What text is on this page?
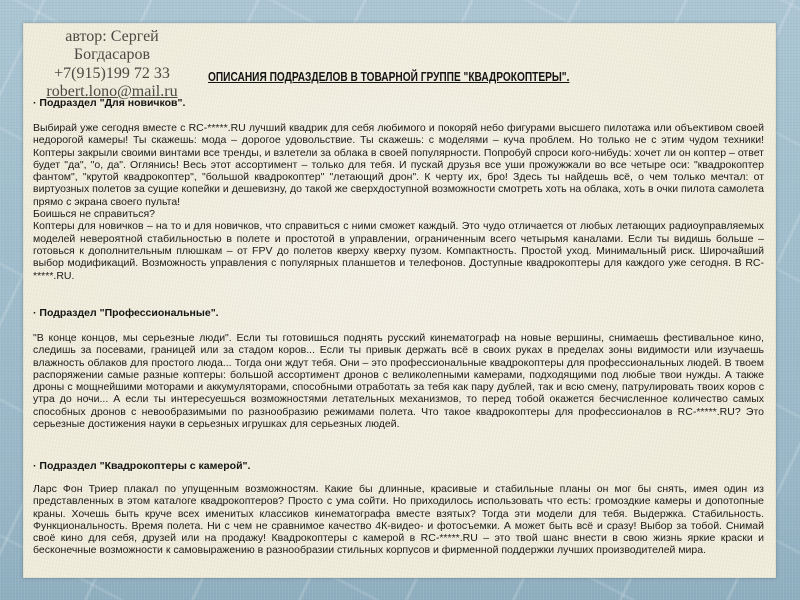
автор: Сергей Богдасаров
+7(915)199 72 33
robert.lono@mail.ru
ОПИСАНИЯ ПОДРАЗДЕЛОВ В ТОВАРНОЙ ГРУППЕ "КВАДРОКОПТЕРЫ".
· Подраздел "Для новичков".

Выбирай уже сегодня вместе с RC-*****.RU лучший квадрик для себя любимого и покоряй небо фигурами высшего пилотажа или объективом своей недорогой камеры! Ты скажешь: мода – дорогое удовольствие. Ты скажешь: с моделями – куча проблем. Но только не с этим чудом техники! Коптеры закрыли своими винтами все тренды, и взлетели за облака в своей популярности. Попробуй спроси кого-нибудь: хочет ли он коптер – ответ будет "да", "о, да". Оглянись! Весь этот ассортимент – только для тебя. И пускай друзья все уши прожужжали во все четыре оси: "квадрокоптер фантом", "крутой квадрокоптер", "большой квадрокоптер" "летающий дрон". К черту их, бро! Здесь ты найдешь всё, о чем только мечтал: от виртуозных полетов за сущие копейки и дешевизну, до такой же сверхдоступной возможности смотреть хоть на облака, хоть в очки пилота самолета прямо с экрана своего пульта!

Боишься не справиться?

Коптеры для новичков – на то и для новичков, что справиться с ними сможет каждый. Это чудо отличается от любых летающих радиоуправляемых моделей невероятной стабильностью в полете и простотой в управлении, ограниченным всего четырьмя каналами. Если ты видишь больше – готовься к дополнительным плюшкам – от FPV до полетов кверху кверху пузом. Компактность. Простой уход. Минимальный риск. Широчайший выбор модификаций. Возможность управления с популярных планшетов и телефонов. Доступные квадрокоптеры для каждого уже сегодня. В RC-*****.RU.

· Подраздел "Профессиональные".

"В конце концов, мы серьезные люди". Если ты готовишься поднять русский кинематограф на новые вершины, снимаешь фестивальное кино, следишь за посевами, границей или за стадом коров... Если ты привык держать всё в своих руках в пределах зоны видимости или изучаешь влажность облаков для простого люда... Тогда они ждут тебя. Они – это профессиональные квадрокоптеры для профессиональных людей. В твоем распоряжении самые разные коптеры: большой ассортимент дронов с великолепными камерами, подходящими под любые твои нужды. А также дроны с мощнейшими моторами и аккумуляторами, способными отработать за тебя как пару дублей, так и всю смену, патрулировать твоих коров с утра до ночи... А если ты интересуешься возможностями летательных механизмов, то перед тобой окажется бесчисленное количество самых способных дронов с невообразимыми по разнообразию режимами полета. Что такое квадрокоптеры для профессионалов в RC-*****.RU? Это серьезные достижения науки в серьезных игрушках для серьезных людей.

· Подраздел "Квадрокоптеры с камерой".

Ларс Фон Триер плакал по упущенным возможностям. Какие бы длинные, красивые и стабильные планы он мог бы снять, имея один из представленных в этом каталоге квадрокоптеров? Просто с ума сойти. Но приходилось использовать что есть: громоздкие камеры и допотопные краны. Хочешь быть круче всех именитых классиков кинематографа вместе взятых? Тогда эти модели для тебя. Выдержка. Стабильность. Функциональность. Время полета. Ни с чем не сравнимое качество 4К-видео- и фотосъемки. А может быть всё и сразу! Выбор за тобой. Снимай своё кино для себя, друзей или на продажу! Квадрокоптеры с камерой в RC-*****.RU – это твой шанс внести в свою жизнь яркие краски и бесконечные возможности к самовыражению в разнообразии стильных корпусов и фирменной поддержки лучших производителей мира.
